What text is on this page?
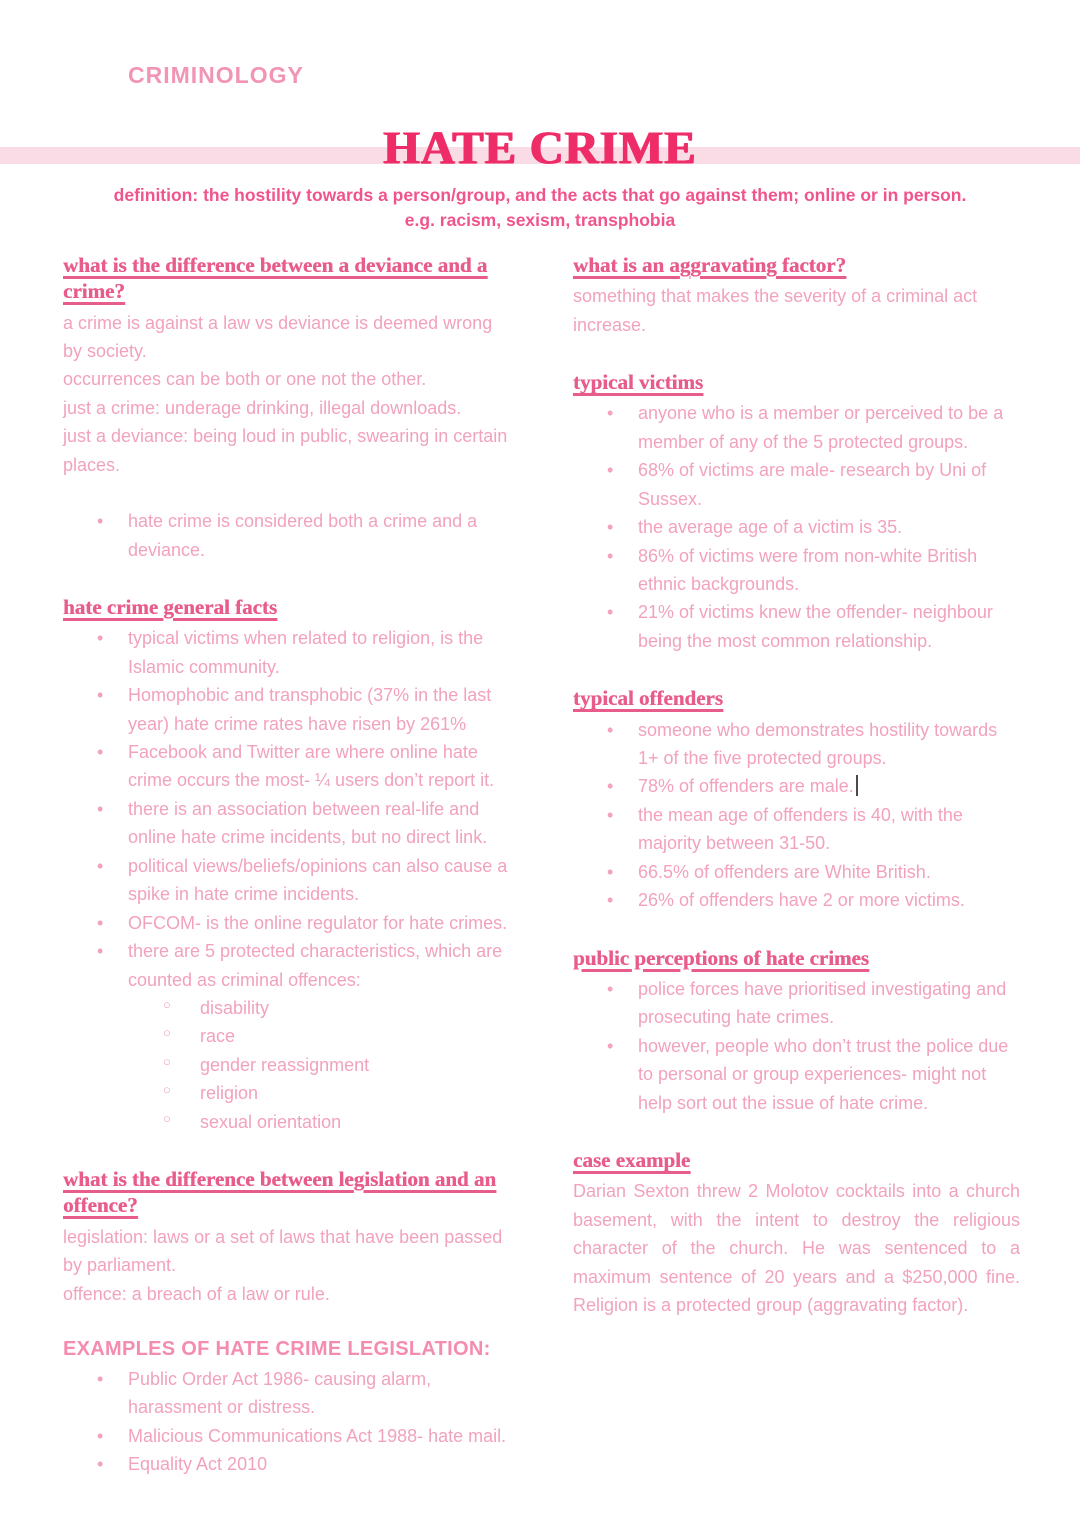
CRIMINOLOGY
HATE CRIME
definition: the hostility towards a person/group, and the acts that go against them; online or in person.
e.g. racism, sexism, transphobia
what is the difference between a deviance and a crime?
a crime is against a law vs deviance is deemed wrong by society.
occurrences can be both or one not the other.
just a crime: underage drinking, illegal downloads.
just a deviance: being loud in public, swearing in certain places.
• hate crime is considered both a crime and a deviance.
hate crime general facts
• typical victims when related to religion, is the Islamic community.
• Homophobic and transphobic (37% in the last year) hate crime rates have risen by 261%
• Facebook and Twitter are where online hate crime occurs the most- ¼ users don’t report it.
• there is an association between real-life and online hate crime incidents, but no direct link.
• political views/beliefs/opinions can also cause a spike in hate crime incidents.
• OFCOM- is the online regulator for hate crimes.
• there are 5 protected characteristics, which are counted as criminal offences:
○ disability
○ race
○ gender reassignment
○ religion
○ sexual orientation
what is the difference between legislation and an offence?
legislation: laws or a set of laws that have been passed by parliament.
offence: a breach of a law or rule.
EXAMPLES OF HATE CRIME LEGISLATION:
• Public Order Act 1986- causing alarm, harassment or distress.
• Malicious Communications Act 1988- hate mail.
• Equality Act 2010
what is an aggravating factor?
something that makes the severity of a criminal act increase.
typical victims
• anyone who is a member or perceived to be a member of any of the 5 protected groups.
• 68% of victims are male- research by Uni of Sussex.
• the average age of a victim is 35.
• 86% of victims were from non-white British ethnic backgrounds.
• 21% of victims knew the offender- neighbour being the most common relationship.
typical offenders
• someone who demonstrates hostility towards 1+ of the five protected groups.
• 78% of offenders are male.
• the mean age of offenders is 40, with the majority between 31-50.
• 66.5% of offenders are White British.
• 26% of offenders have 2 or more victims.
public perceptions of hate crimes
• police forces have prioritised investigating and prosecuting hate crimes.
• however, people who don’t trust the police due to personal or group experiences- might not help sort out the issue of hate crime.
case example
Darian Sexton threw 2 Molotov cocktails into a church basement, with the intent to destroy the religious character of the church. He was sentenced to a maximum sentence of 20 years and a $250,000 fine. Religion is a protected group (aggravating factor).
